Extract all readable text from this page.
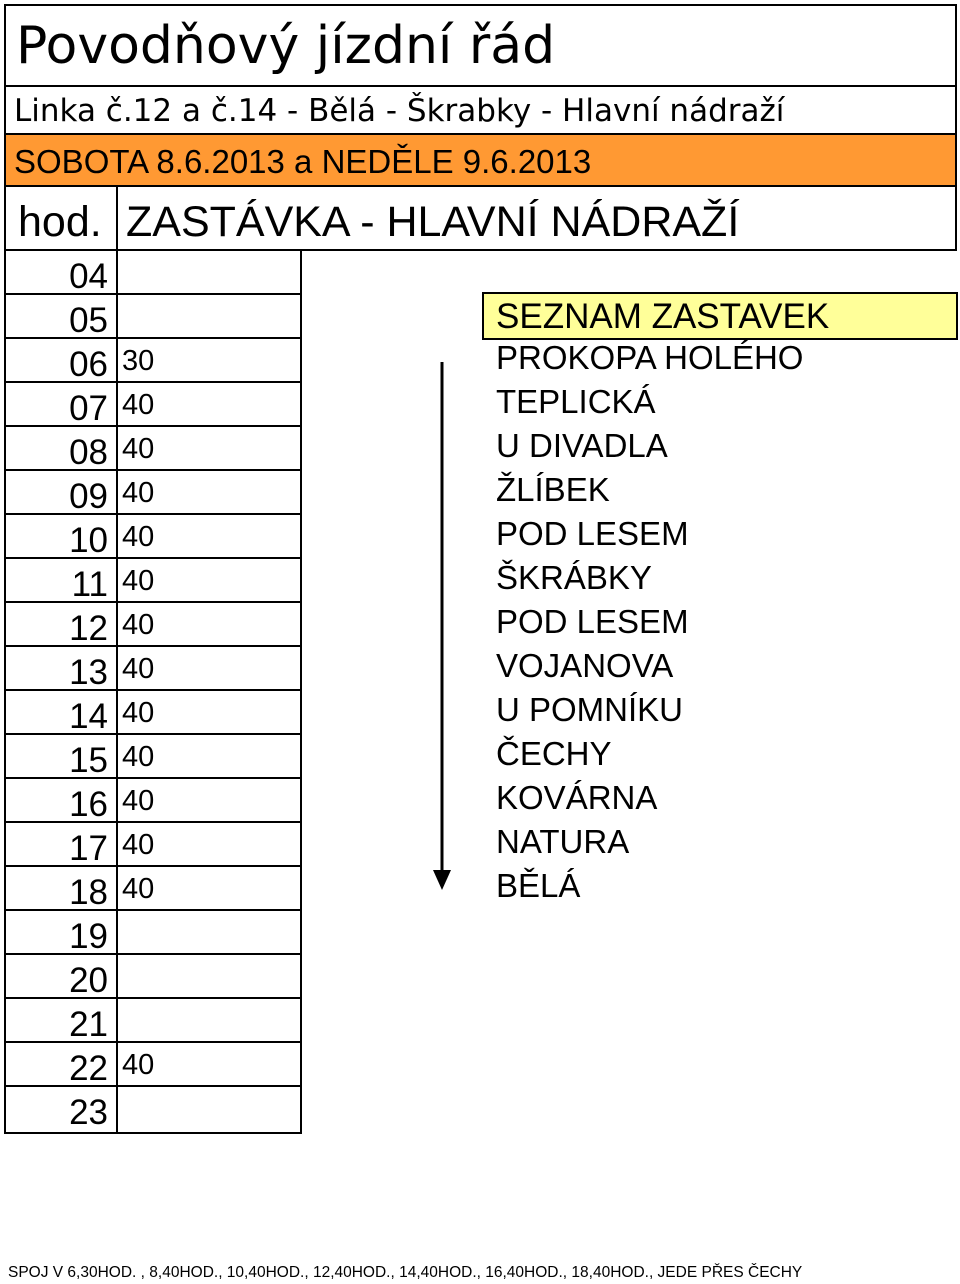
Povodňový jízdní řád
Linka č.12 a č.14 - Bělá - Škrabky - Hlavní nádraží
SOBOTA 8.6.2013 a NEDĚLE 9.6.2013
hod. ZASTÁVKA - HLAVNÍ NÁDRAŽÍ
04
05
06 30
07 40
08 40
09 40
10 40
11 40
12 40
13 40
14 40
15 40
16 40
17 40
18 40
19
20
21
22 40
23
SEZNAM ZASTAVEK
PROKOPA HOLÉHO
TEPLICKÁ
U DIVADLA
ŽLÍBEK
POD LESEM
ŠKRÁBKY
POD LESEM
VOJANOVA
U POMNÍKU
ČECHY
KOVÁRNA
NATURA
BĚLÁ
SPOJ V 6,30HOD. , 8,40HOD., 10,40HOD., 12,40HOD., 14,40HOD., 16,40HOD., 18,40HOD., JEDE PŘES ČECHY
